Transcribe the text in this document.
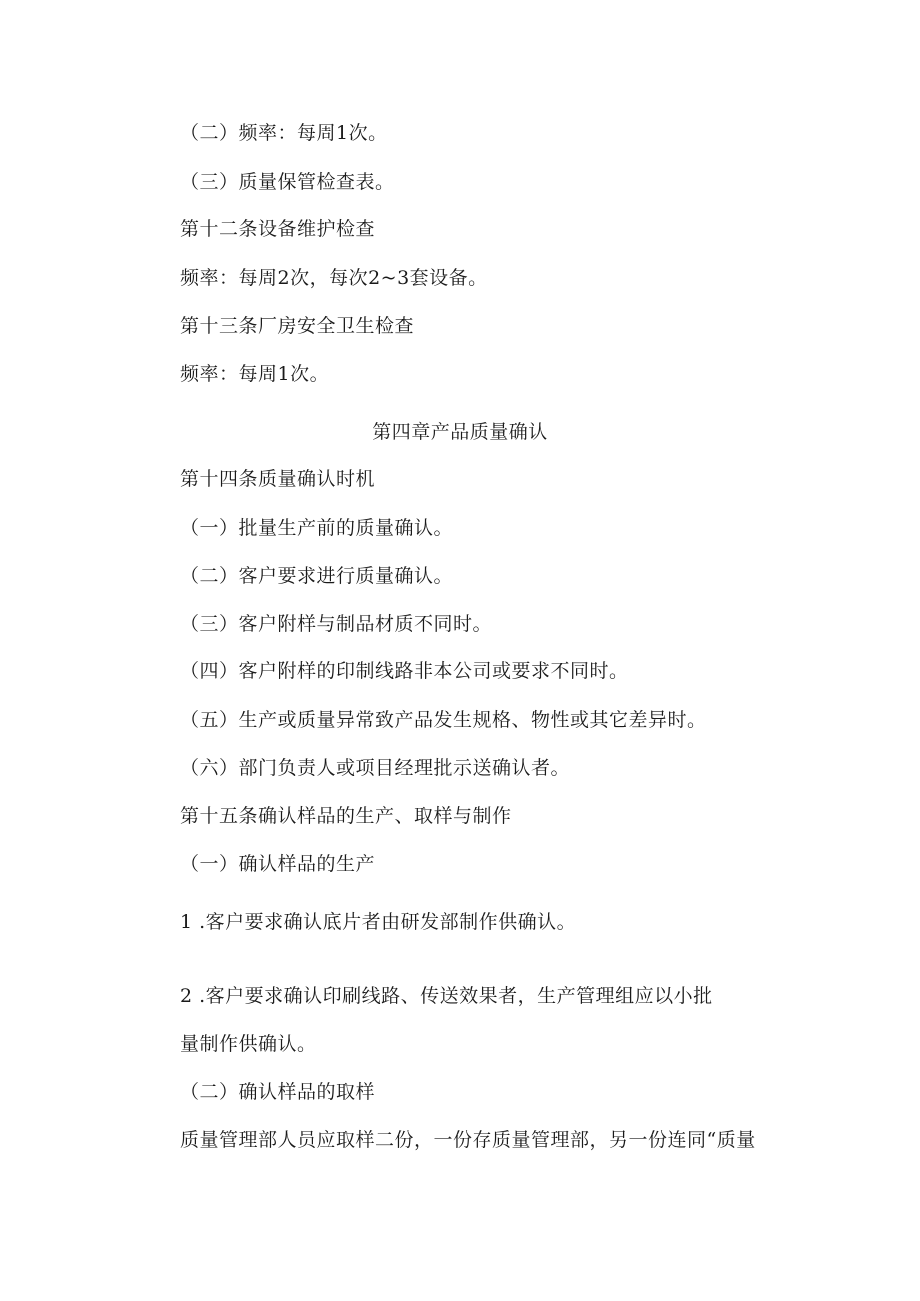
（二）频率：每周1次。
（三）质量保管检查表。
第十二条设备维护检查
频率：每周2次，每次2~3套设备。
第十三条厂房安全卫生检查
频率：每周1次。
第四章产品质量确认
第十四条质量确认时机
（一）批量生产前的质量确认。
（二）客户要求进行质量确认。
（三）客户附样与制品材质不同时。
（四）客户附样的印制线路非本公司或要求不同时。
（五）生产或质量异常致产品发生规格、物性或其它差异时。
（六）部门负责人或项目经理批示送确认者。
第十五条确认样品的生产、取样与制作
（一）确认样品的生产
1 .客户要求确认底片者由研发部制作供确认。
2 .客户要求确认印刷线路、传送效果者，生产管理组应以小批
量制作供确认。
（二）确认样品的取样
质量管理部人员应取样二份，一份存质量管理部，另一份连同“质量
